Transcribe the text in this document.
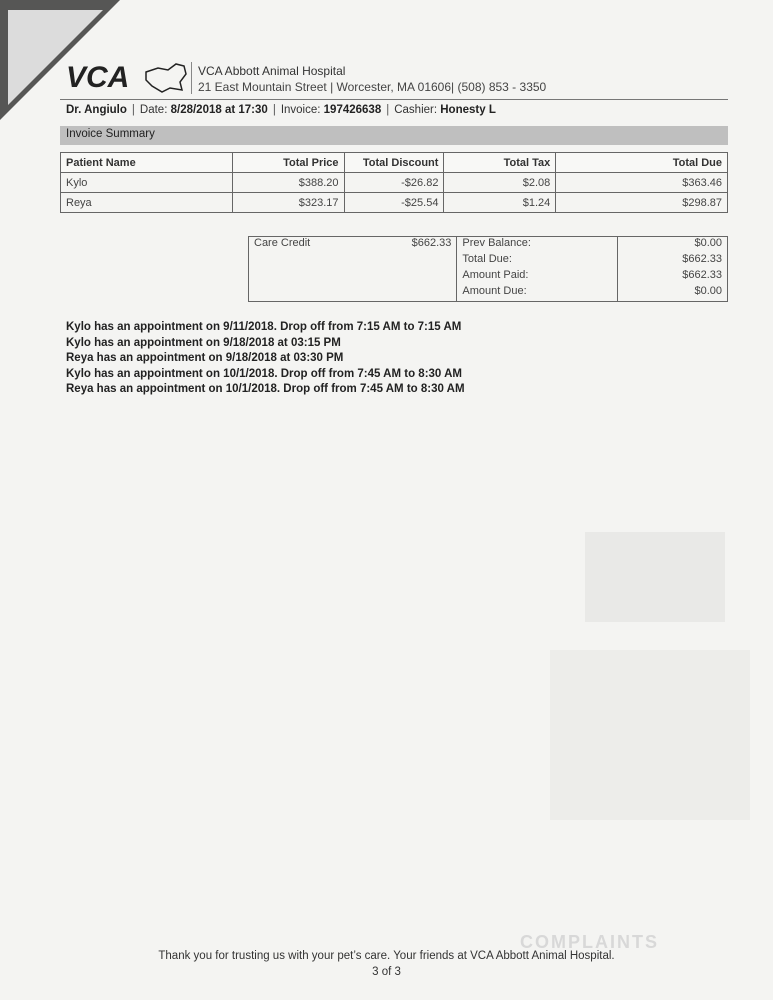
VCA	VCA Abbott Animal Hospital
21 East Mountain Street | Worcester, MA 01606| (508) 853 - 3350
Dr. Angiulo | Date: 8/28/2018 at 17:30 | Invoice: 197426638 | Cashier: Honesty L
Invoice Summary
Patient Name	Total Price	Total Discount	Total Tax	Total Due
Kylo	$388.20	-$26.82	$2.08	$363.46
Reya	$323.17	-$25.54	$1.24	$298.87
Care Credit	$662.33	Prev Balance:	$0.00
		Total Due:	$662.33
		Amount Paid:	$662.33
		Amount Due:	$0.00
Kylo has an appointment on 9/11/2018. Drop off from 7:15 AM to 7:15 AM
Kylo has an appointment on 9/18/2018 at 03:15 PM
Reya has an appointment on 9/18/2018 at 03:30 PM
Kylo has an appointment on 10/1/2018. Drop off from 7:45 AM to 8:30 AM
Reya has an appointment on 10/1/2018. Drop off from 7:45 AM to 8:30 AM
COMPLAINTS
Thank you for trusting us with your pet’s care. Your friends at VCA Abbott Animal Hospital.
3 of 3
